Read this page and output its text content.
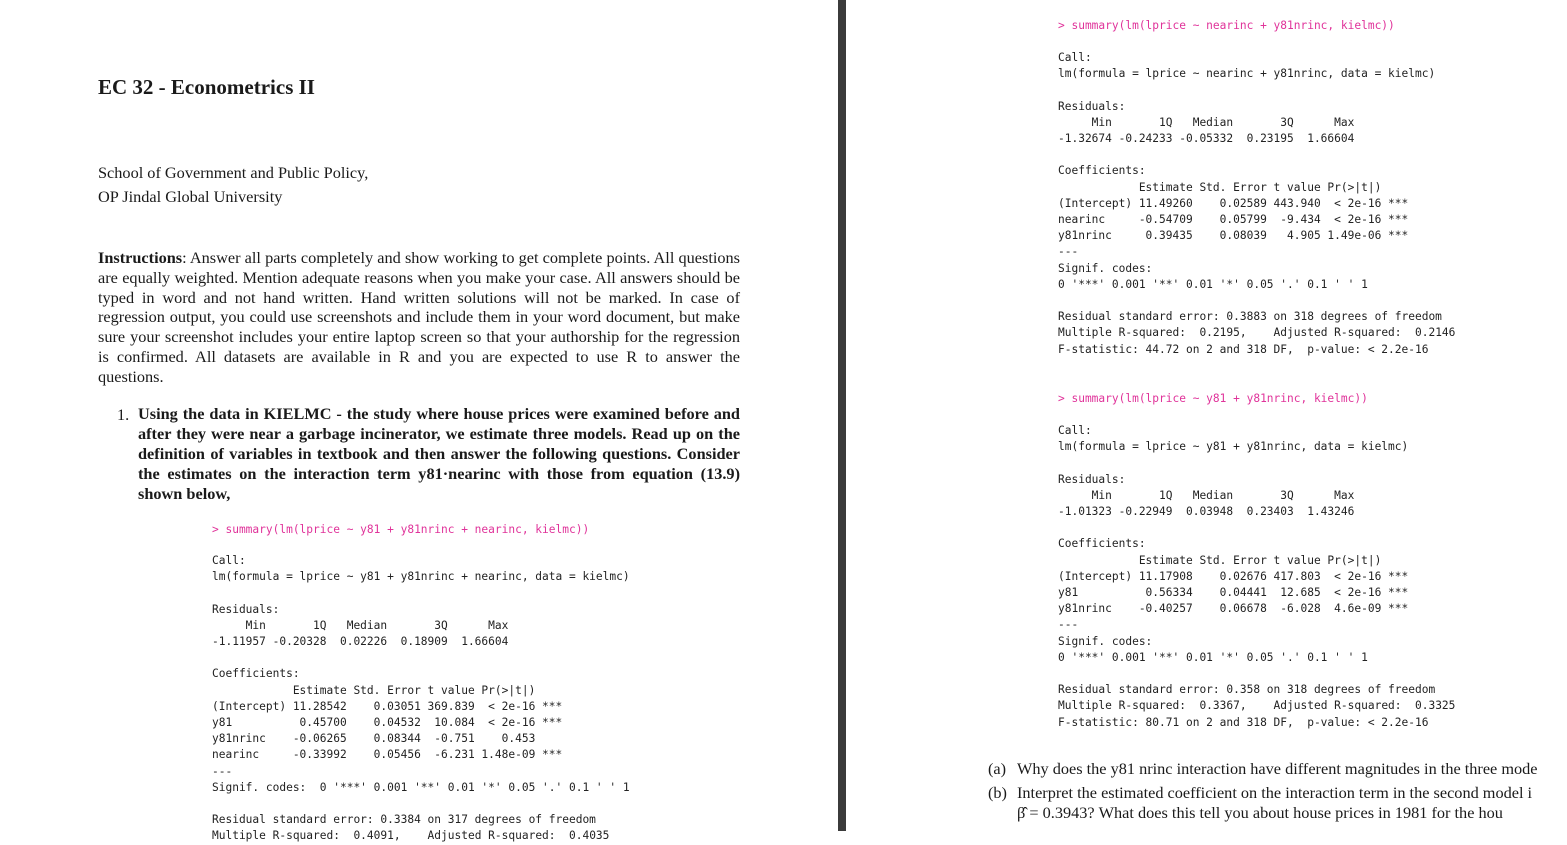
EC 32 - Econometrics II
School of Government and Public Policy,
OP Jindal Global University
Instructions: Answer all parts completely and show working to get complete points. All questions are equally weighted. Mention adequate reasons when you make your case. All answers should be typed in word and not hand written. Hand written solutions will not be marked. In case of regression output, you could use screenshots and include them in your word document, but make sure your screenshot includes your entire laptop screen so that your authorship for the regression is confirmed. All datasets are available in R and you are expected to use R to answer the questions.
1. Using the data in KIELMC - the study where house prices were examined before and after they were near a garbage incinerator, we estimate three models. Read up on the definition of variables in textbook and then answer the following questions. Consider the estimates on the interaction term y81·nearinc with those from equation (13.9) shown below,
> summary(lm(lprice ~ y81 + y81nrinc + nearinc, kielmc))
Call:
lm(formula = lprice ~ y81 + y81nrinc + nearinc, data = kielmc)

Residuals:
Min       1Q   Median       3Q      Max
-1.11957 -0.20328  0.02226  0.18909  1.66604

Coefficients:
Estimate Std. Error t value Pr(>|t|)
(Intercept) 11.28542    0.03051 369.839  < 2e-16 ***
y81          0.45700    0.04532  10.084  < 2e-16 ***
y81nrinc    -0.06265    0.08344  -0.751    0.453
nearinc     -0.33992    0.05456  -6.231 1.48e-09 ***
---
Signif. codes:  0 '***' 0.001 '**' 0.01 '*' 0.05 '.' 0.1 ' ' 1

Residual standard error: 0.3384 on 317 degrees of freedom
Multiple R-squared:  0.4091,	Adjusted R-squared:  0.4035
> summary(lm(lprice ~ nearinc + y81nrinc, kielmc))
Call:
lm(formula = lprice ~ nearinc + y81nrinc, data = kielmc)

Residuals:
Min       1Q   Median       3Q      Max
-1.32674 -0.24233 -0.05332  0.23195  1.66604

Coefficients:
Estimate Std. Error t value Pr(>|t|)
(Intercept) 11.49260    0.02589 443.940  < 2e-16 ***
nearinc     -0.54709    0.05799  -9.434  < 2e-16 ***
y81nrinc     0.39435    0.08039   4.905 1.49e-06 ***
---
Signif. codes:
0 '***' 0.001 '**' 0.01 '*' 0.05 '.' 0.1 ' ' 1

Residual standard error: 0.3883 on 318 degrees of freedom
Multiple R-squared:  0.2195,	Adjusted R-squared:  0.2146
F-statistic: 44.72 on 2 and 318 DF,  p-value: < 2.2e-16
> summary(lm(lprice ~ y81 + y81nrinc, kielmc))
Call:
lm(formula = lprice ~ y81 + y81nrinc, data = kielmc)

Residuals:
Min       1Q   Median       3Q      Max
-1.01323 -0.22949  0.03948  0.23403  1.43246

Coefficients:
Estimate Std. Error t value Pr(>|t|)
(Intercept) 11.17908    0.02676 417.803  < 2e-16 ***
y81          0.56334    0.04441  12.685  < 2e-16 ***
y81nrinc    -0.40257    0.06678  -6.028  4.6e-09 ***
---
Signif. codes:
0 '***' 0.001 '**' 0.01 '*' 0.05 '.' 0.1 ' ' 1

Residual standard error: 0.358 on 318 degrees of freedom
Multiple R-squared:  0.3367,	Adjusted R-squared:  0.3325
F-statistic: 80.71 on 2 and 318 DF,  p-value: < 2.2e-16
(a) Why does the y81 nrinc interaction have different magnitudes in the three mode
(b) Interpret the estimated coefficient on the interaction term in the second model i
β̂ = 0.3943? What does this tell you about house prices in 1981 for the hou
